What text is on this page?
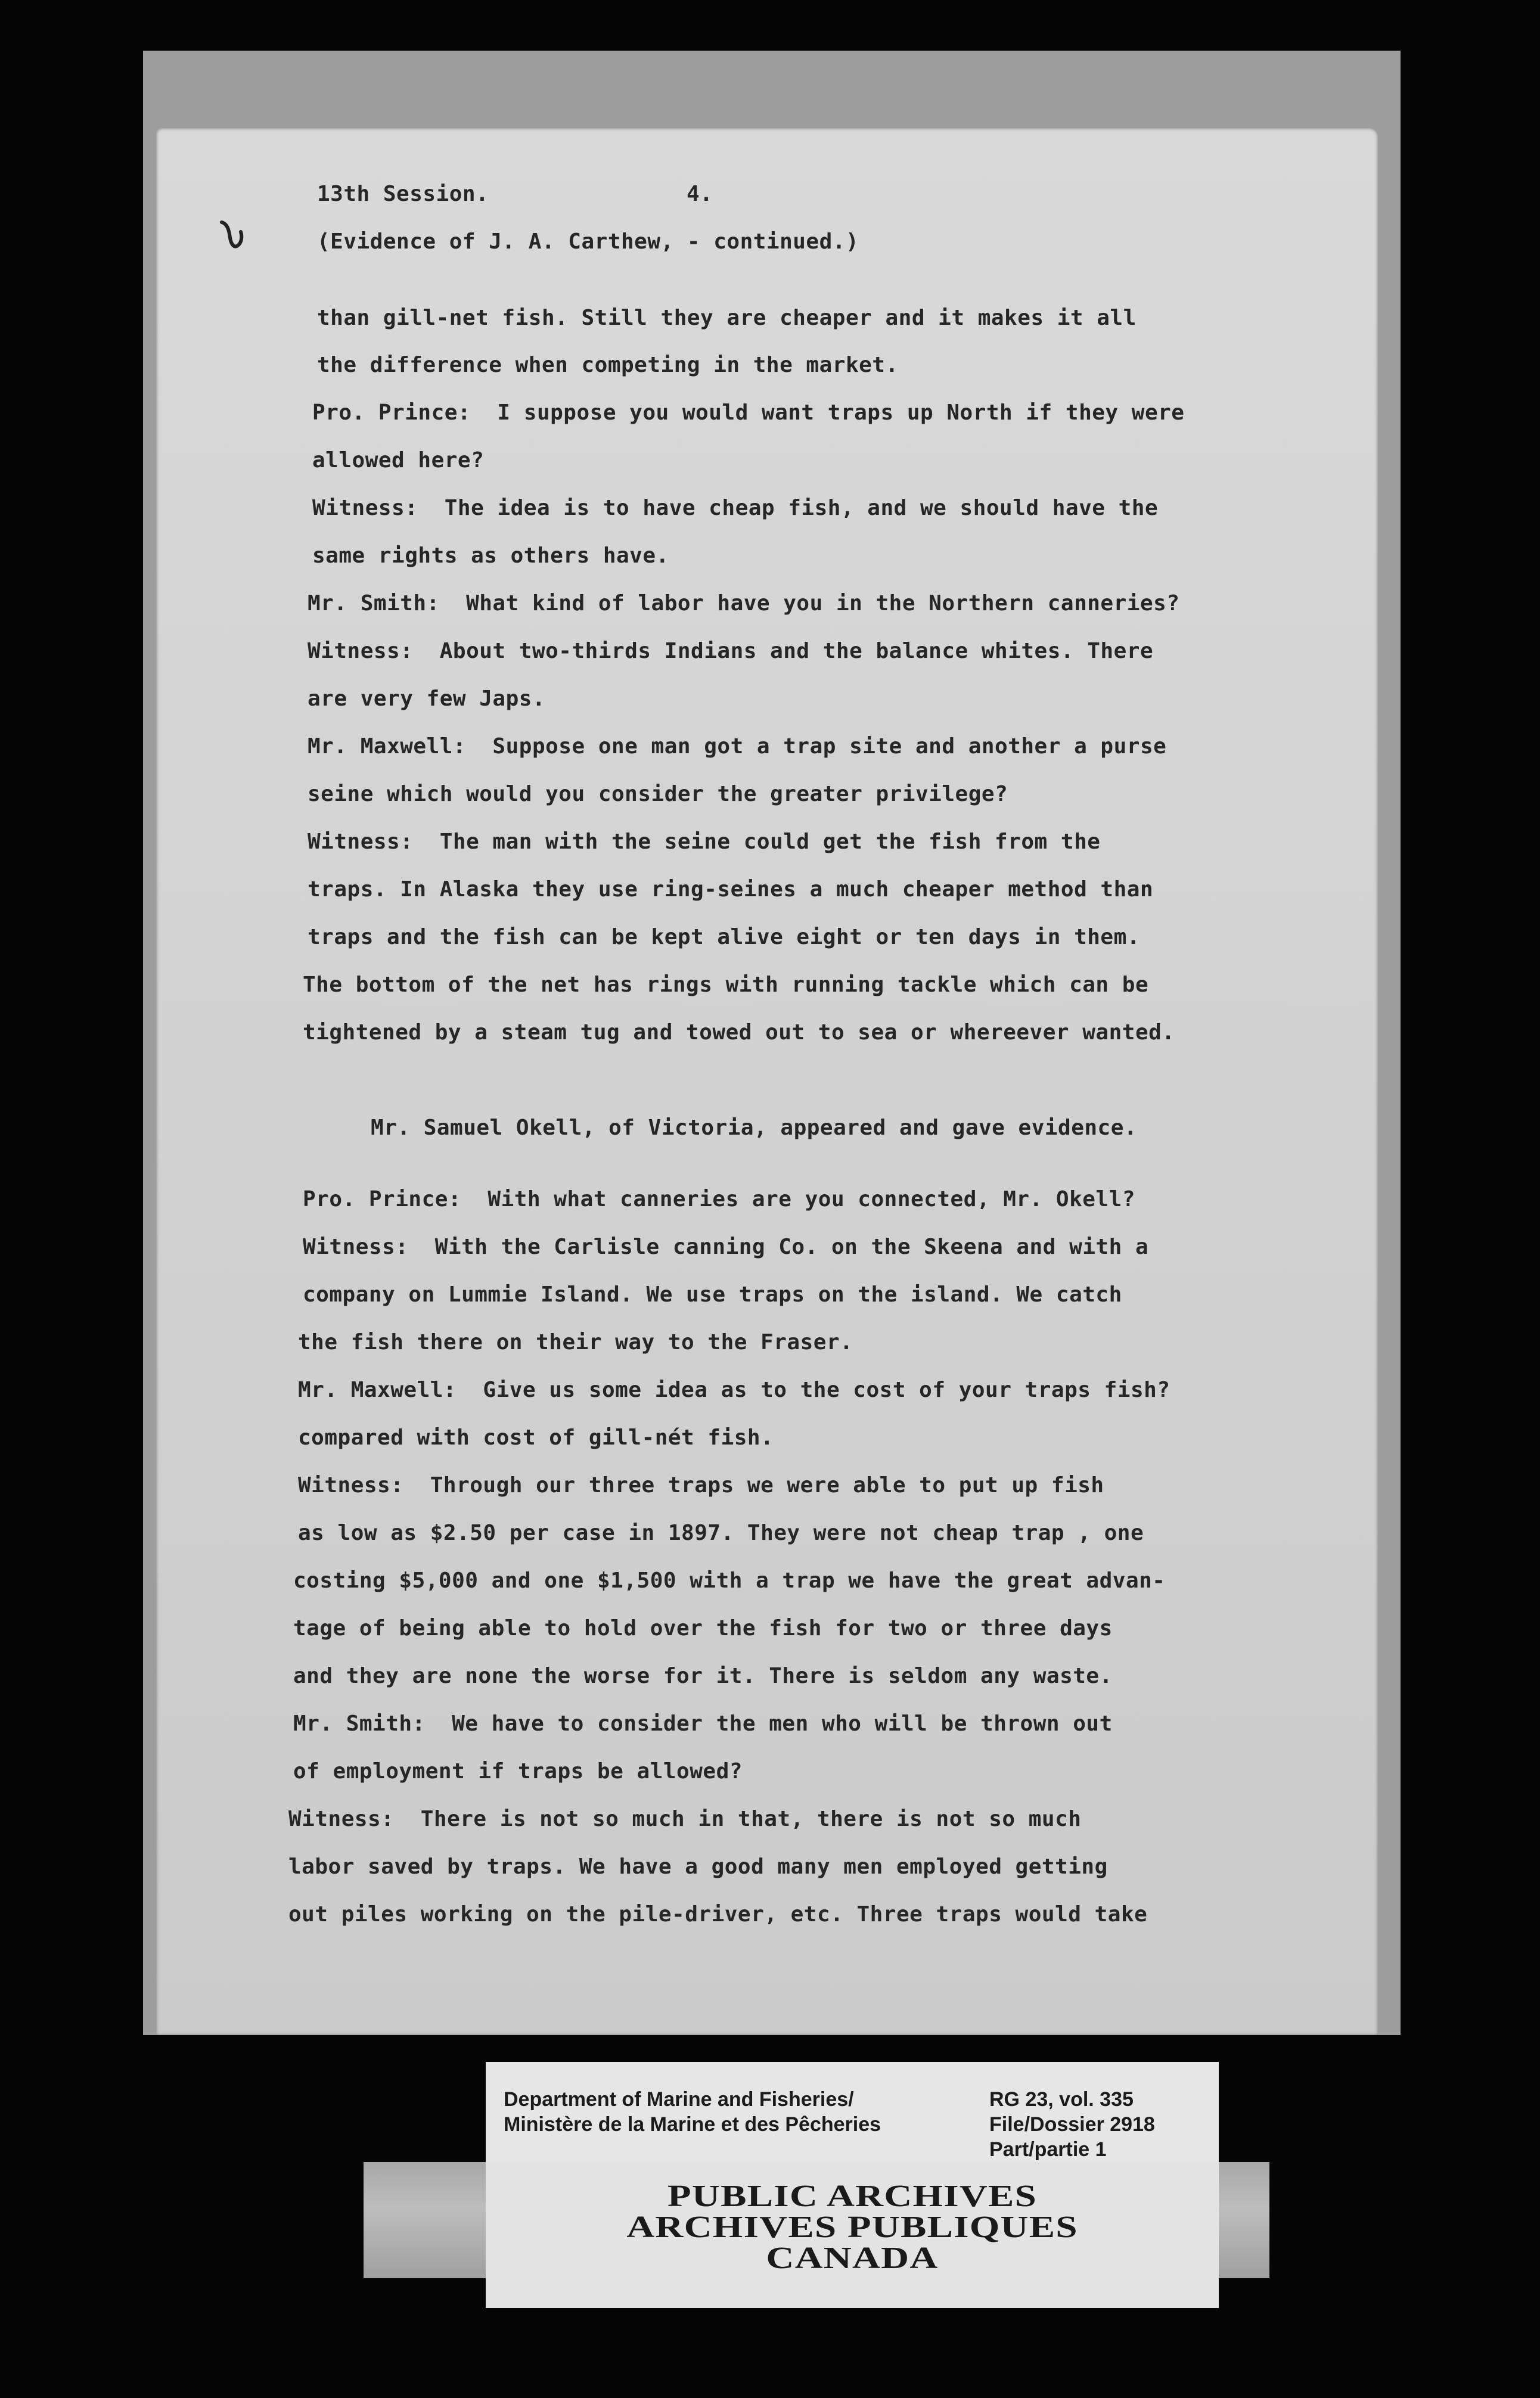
13th Session.

	4.

(Evidence of J. A. Carthew, - continued.)

than gill-net fish. Still they are cheaper and it makes it all

the difference when competing in the market.

Pro. Prince:  I suppose you would want traps up North if they were

allowed here?

Witness:  The idea is to have cheap fish, and we should have the

same rights as others have.

Mr. Smith:  What kind of labor have you in the Northern canneries?

Witness:  About two-thirds Indians and the balance whites. There

are very few Japs.

Mr. Maxwell:  Suppose one man got a trap site and another a purse

seine which would you consider the greater privilege?

Witness:  The man with the seine could get the fish from the

traps. In Alaska they use ring-seines a much cheaper method than

traps and the fish can be kept alive eight or ten days in them.

The bottom of the net has rings with running tackle which can be

tightened by a steam tug and towed out to sea or whereever wanted.

Mr. Samuel Okell, of Victoria, appeared and gave evidence.

Pro. Prince:  With what canneries are you connected, Mr. Okell?

Witness:  With the Carlisle canning Co. on the Skeena and with a

company on Lummie Island. We use traps on the island. We catch

the fish there on their way to the Fraser.

Mr. Maxwell:  Give us some idea as to the cost of your traps fish?

compared with cost of gill-nét fish.

Witness:  Through our three traps we were able to put up fish

as low as $2.50 per case in 1897. They were not cheap trap , one

costing $5,000 and one $1,500 with a trap we have the great advan-

tage of being able to hold over the fish for two or three days

and they are none the worse for it. There is seldom any waste.

Mr. Smith:  We have to consider the men who will be thrown out

of employment if traps be allowed?

Witness:  There is not so much in that, there is not so much

labor saved by traps. We have a good many men employed getting

out piles working on the pile-driver, etc. Three traps would take

Department of Marine and Fisheries/
Ministère de la Marine et des Pêcheries
RG 23, vol. 335
File/Dossier 2918
Part/partie 1
PUBLIC ARCHIVES
ARCHIVES PUBLIQUES
CANADA
